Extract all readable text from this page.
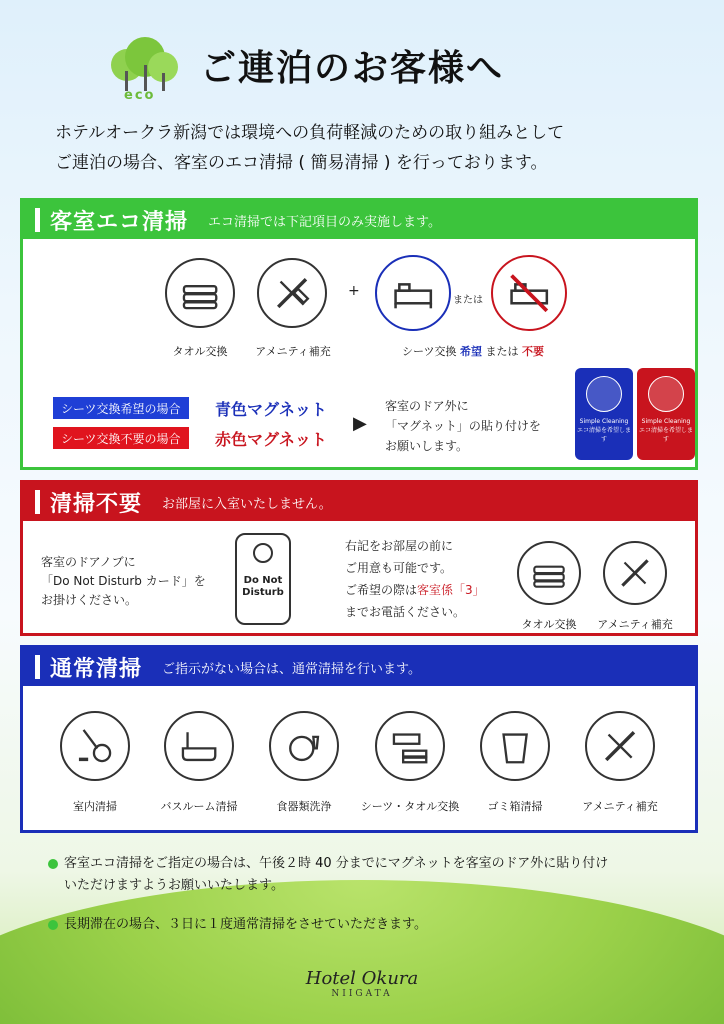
eco
ご連泊のお客様へ
ホテルオークラ新潟では環境への負荷軽減のための取り組みとして
ご連泊の場合、客室のエコ清掃 ( 簡易清掃 ) を行っております。
客室エコ清掃 エコ清掃では下記項目のみ実施します。
タオル交換	アメニティ補充
+
または
シーツ交換 希望 または 不要
シーツ交換希望の場合	青色マグネット
シーツ交換不要の場合	赤色マグネット
▶
客室のドア外に
「マグネット」の貼り付けを
お願いします。
Simple Cleaning
エコ清掃を希望します
Simple Cleaning
エコ清掃を希望します
清掃不要 お部屋に入室いたしません。
客室のドアノブに
「Do Not Disturb カード」を
お掛けください。
Do Not
Disturb
右記をお部屋の前に
ご用意も可能です。
ご希望の際は客室係「3」
までお電話ください。
タオル交換	アメニティ補充
通常清掃 ご指示がない場合は、通常清掃を行います。
室内清掃	バスルーム清掃	食器類洗浄	シーツ・タオル交換	ゴミ箱清掃	アメニティ補充
客室エコ清掃をご指定の場合は、午後２時 40 分までにマグネットを客室のドア外に貼り付け
いただけますようお願いいたします。
長期滞在の場合、３日に１度通常清掃をさせていただきます。
Hotel Okura
NIIGATA
